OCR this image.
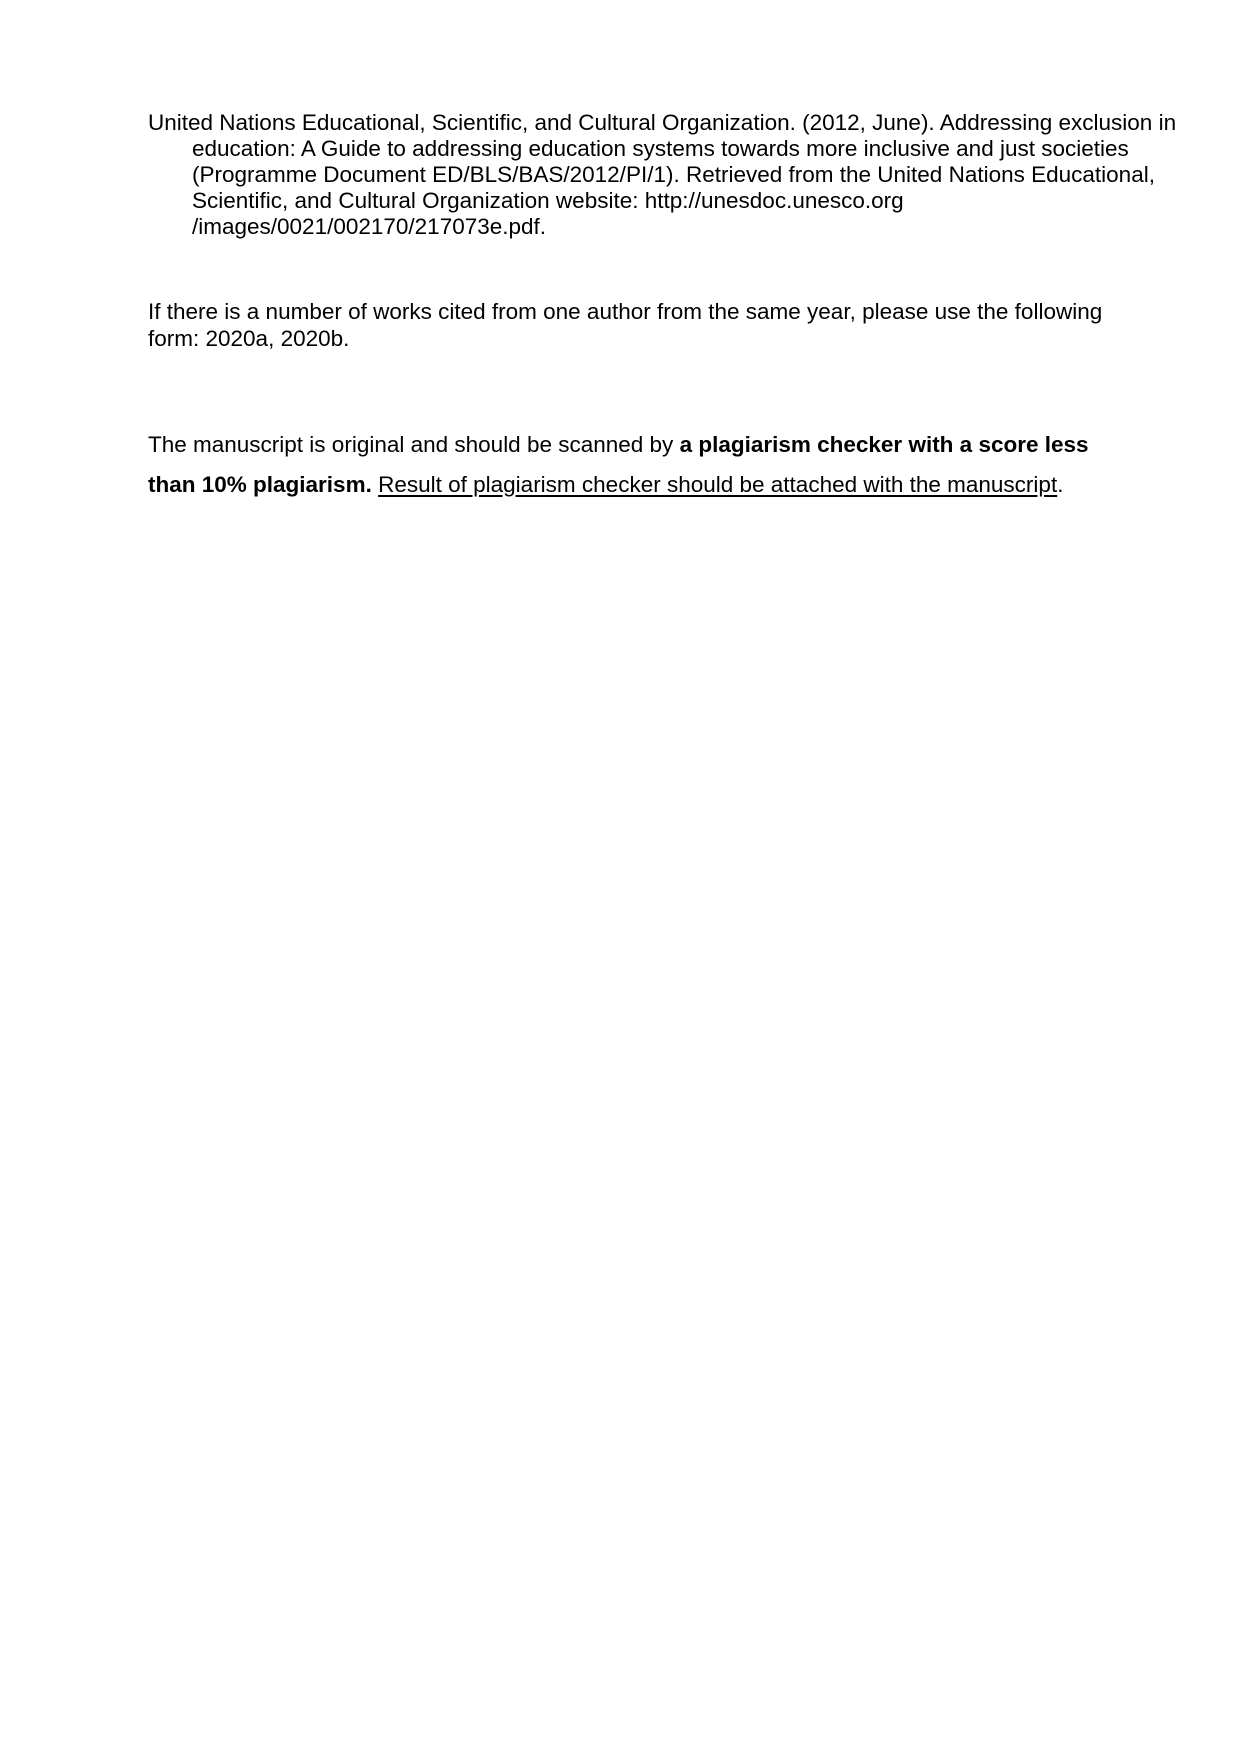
United Nations Educational, Scientific, and Cultural Organization. (2012, June). Addressing exclusion in education: A Guide to addressing education systems towards more inclusive and just societies (Programme Document ED/BLS/BAS/2012/PI/1). Retrieved from the United Nations Educational, Scientific, and Cultural Organization website: http://unesdoc.unesco.org /images/0021/002170/217073e.pdf.

If there is a number of works cited from one author from the same year, please use the following form: 2020a, 2020b.

The manuscript is original and should be scanned by a plagiarism checker with a score less than 10% plagiarism. Result of plagiarism checker should be attached with the manuscript.
